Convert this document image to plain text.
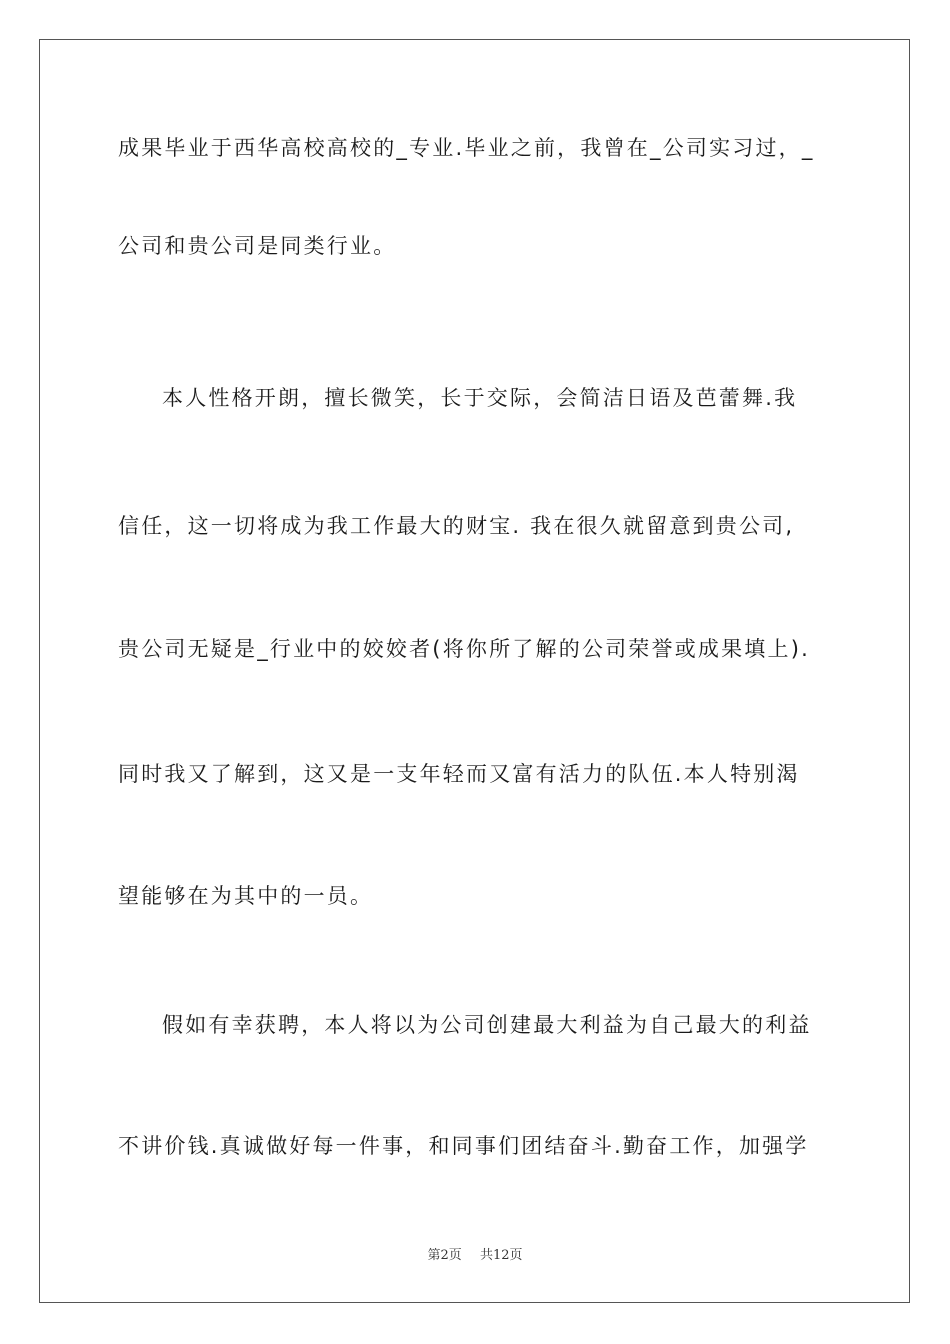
成果毕业于西华高校高校的_专业.毕业之前，我曾在_公司实习过，_
公司和贵公司是同类行业。
本人性格开朗，擅长微笑，长于交际，会简洁日语及芭蕾舞.我
信任，这一切将成为我工作最大的财宝. 我在很久就留意到贵公司,
贵公司无疑是_行业中的姣姣者(将你所了解的公司荣誉或成果填上).
同时我又了解到，这又是一支年轻而又富有活力的队伍.本人特别渴
望能够在为其中的一员。
假如有幸获聘，本人将以为公司创建最大利益为自己最大的利益
不讲价钱.真诚做好每一件事，和同事们团结奋斗.勤奋工作，加强学
第2页 共12页
